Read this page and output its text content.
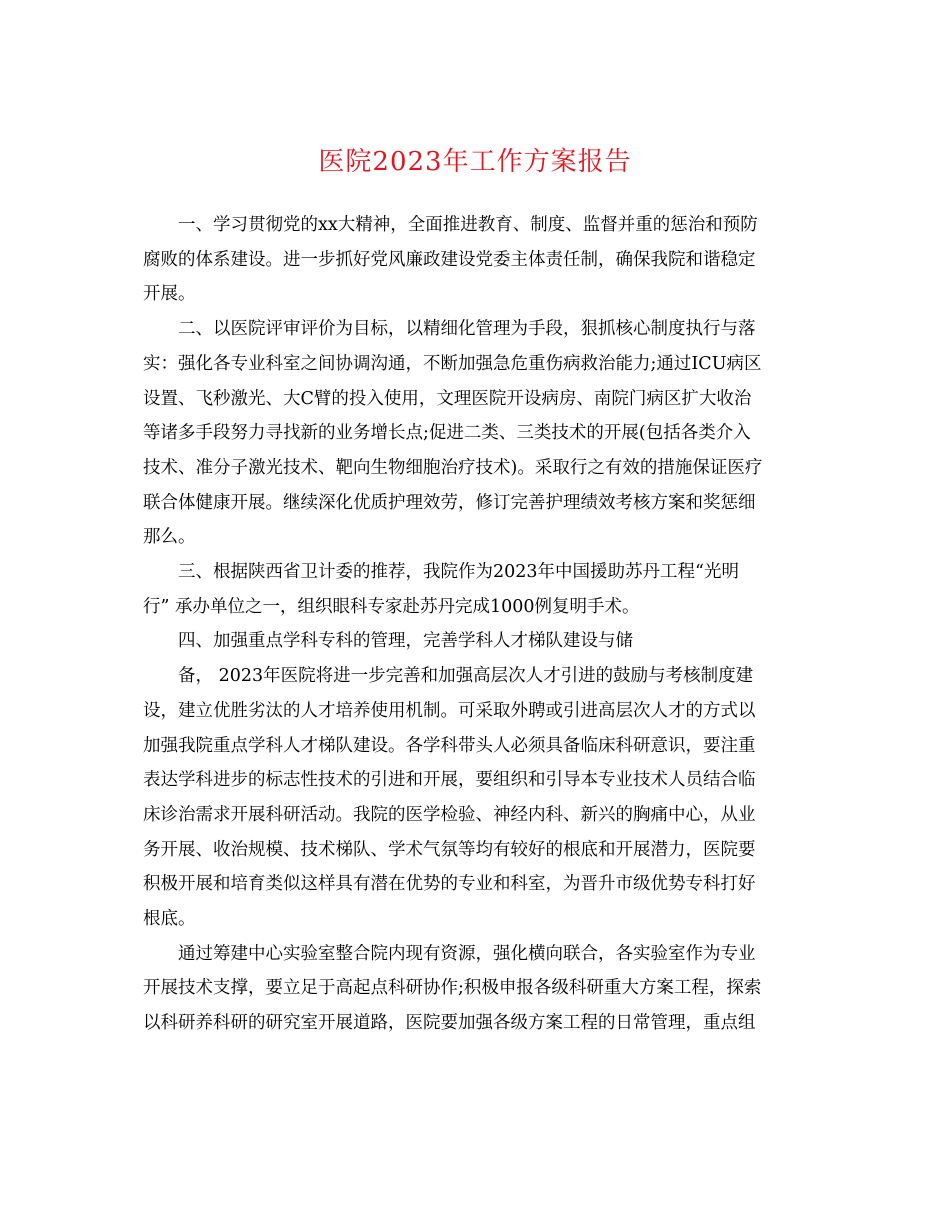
医院2023年工作方案报告

一、学习贯彻党的xx大精神，全面推进教育、制度、监督并重的惩治和预防
腐败的体系建设。进一步抓好党风廉政建设党委主体责任制，确保我院和谐稳定
开展。

二、以医院评审评价为目标，以精细化管理为手段，狠抓核心制度执行与落
实：强化各专业科室之间协调沟通，不断加强急危重伤病救治能力;通过ICU病区
设置、飞秒激光、大C臂的投入使用，文理医院开设病房、南院门病区扩大收治
等诸多手段努力寻找新的业务增长点;促进二类、三类技术的开展(包括各类介入
技术、准分子激光技术、靶向生物细胞治疗技术)。采取行之有效的措施保证医疗
联合体健康开展。继续深化优质护理效劳，修订完善护理绩效考核方案和奖惩细
那么。

三、根据陕西省卫计委的推荐，我院作为2023年中国援助苏丹工程“光明
行” 承办单位之一，组织眼科专家赴苏丹完成1000例复明手术。

四、加强重点学科专科的管理，完善学科人才梯队建设与储

备， 2023年医院将进一步完善和加强高层次人才引进的鼓励与考核制度建
设，建立优胜劣汰的人才培养使用机制。可采取外聘或引进高层次人才的方式以
加强我院重点学科人才梯队建设。各学科带头人必须具备临床科研意识，要注重
表达学科进步的标志性技术的引进和开展，要组织和引导本专业技术人员结合临
床诊治需求开展科研活动。我院的医学检验、神经内科、新兴的胸痛中心，从业
务开展、收治规模、技术梯队、学术气氛等均有较好的根底和开展潜力，医院要
积极开展和培育类似这样具有潜在优势的专业和科室，为晋升市级优势专科打好
根底。

通过筹建中心实验室整合院内现有资源，强化横向联合，各实验室作为专业
开展技术支撑，要立足于高起点科研协作;积极申报各级科研重大方案工程，探索
以科研养科研的研究室开展道路，医院要加强各级方案工程的日常管理，重点组
